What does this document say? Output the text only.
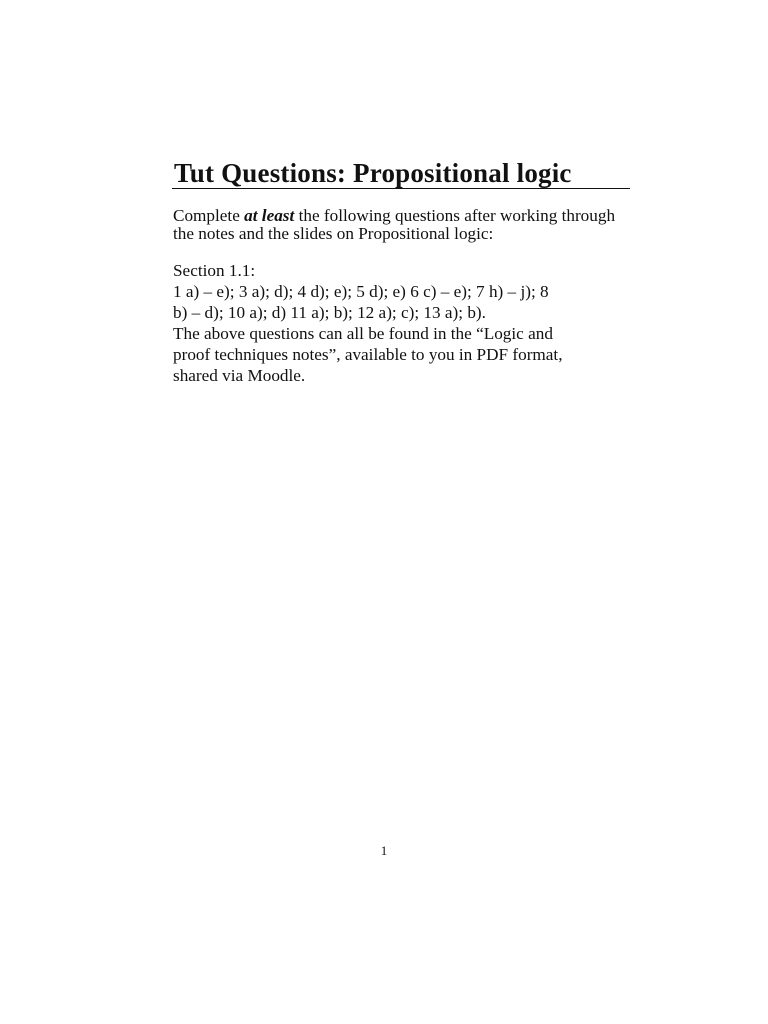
Tut Questions: Propositional logic

Complete at least the following questions after working through the notes and the slides on Propositional logic:

Section 1.1:
1 a) – e); 3 a); d); 4 d); e); 5 d); e) 6 c) – e); 7 h) – j); 8
b) – d); 10 a); d) 11 a); b); 12 a); c); 13 a); b).
The above questions can all be found in the “Logic and
proof techniques notes”, available to you in PDF format,
shared via Moodle.
1
